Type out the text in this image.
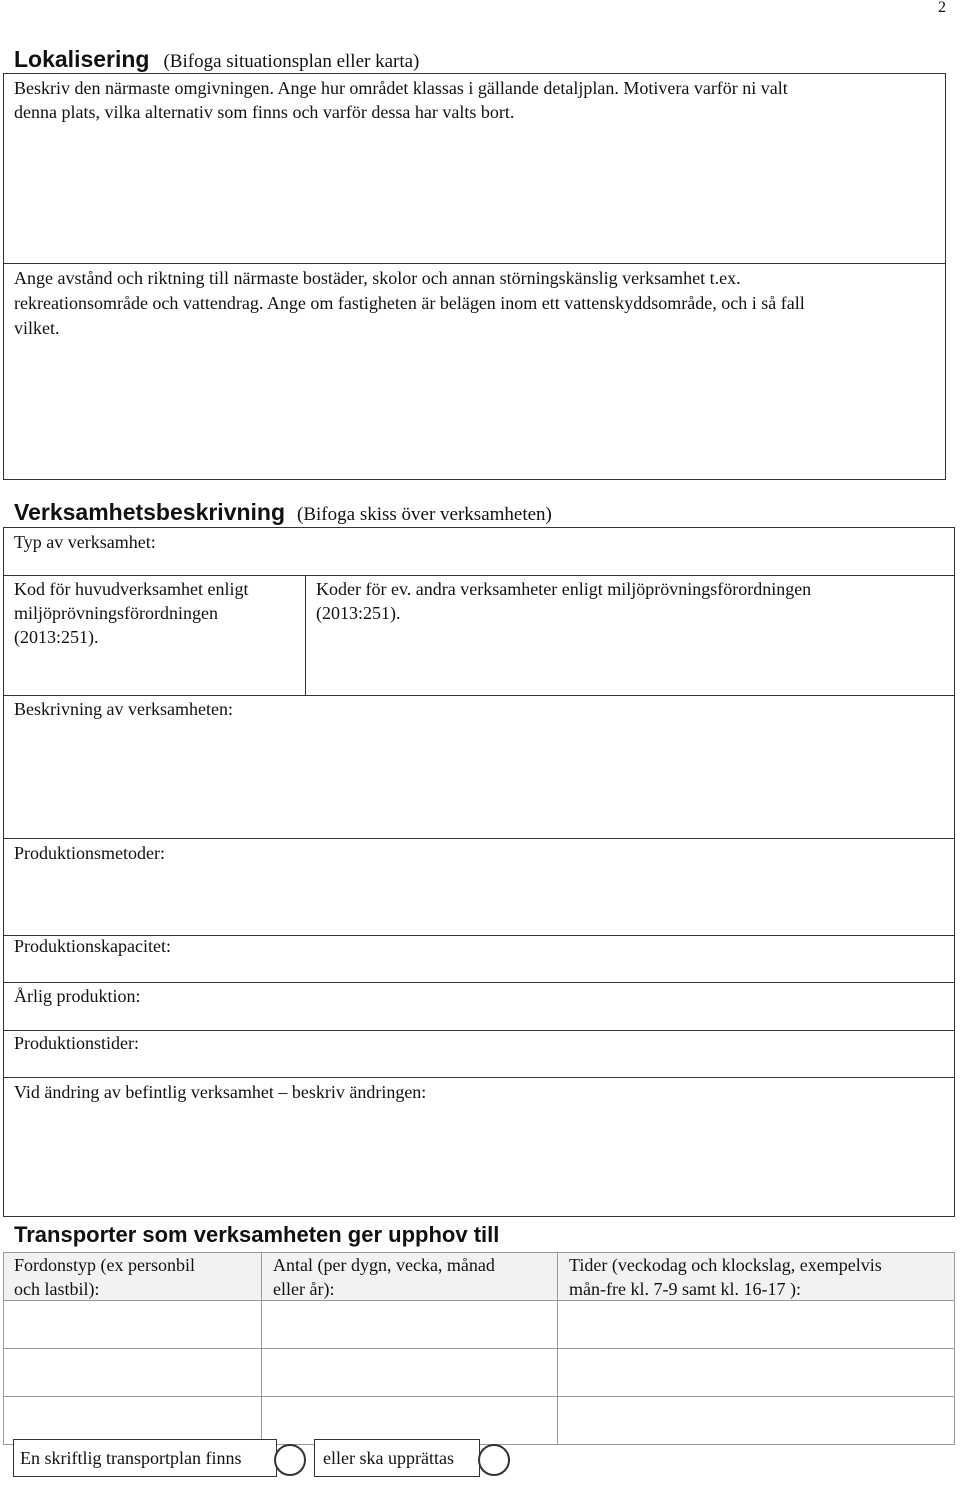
2
Lokalisering (Bifoga situationsplan eller karta)
Beskriv den närmaste omgivningen. Ange hur området klassas i gällande detaljplan. Motivera varför ni valt
denna plats, vilka alternativ som finns och varför dessa har valts bort.
Ange avstånd och riktning till närmaste bostäder, skolor och annan störningskänslig verksamhet t.ex.
rekreationsområde och vattendrag. Ange om fastigheten är belägen inom ett vattenskyddsområde, och i så fall
vilket.
Verksamhetsbeskrivning (Bifoga skiss över verksamheten)
Typ av verksamhet:
Kod för huvudverksamhet enligt
miljöprövningsförordningen
(2013:251).
Koder för ev. andra verksamheter enligt miljöprövningsförordningen
(2013:251).
Beskrivning av verksamheten:
Produktionsmetoder:
Produktionskapacitet:
Årlig produktion:
Produktionstider:
Vid ändring av befintlig verksamhet – beskriv ändringen:
Transporter som verksamheten ger upphov till
Fordonstyp (ex personbil
och lastbil):
Antal (per dygn, vecka, månad
eller år):
Tider (veckodag och klockslag, exempelvis
mån-fre kl. 7-9 samt kl. 16-17 ):
En skriftlig transportplan finns	eller ska upprättas
